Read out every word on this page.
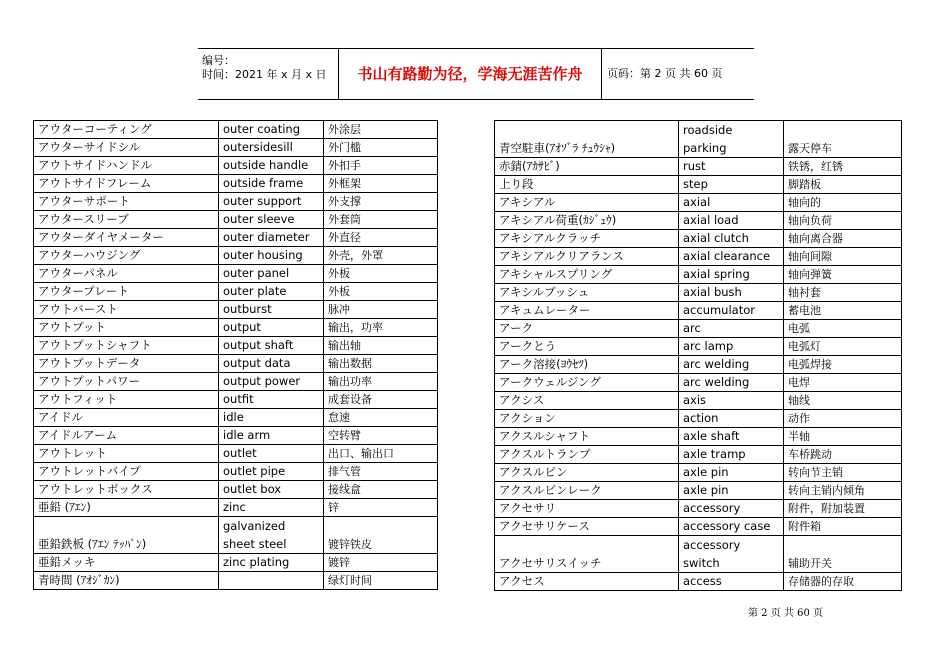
编号：
时间：2021 年 x 月 x 日	书山有路勤为径，学海无涯苦作舟	页码：第 2 页 共 60 页
アウターコーティング	outer coating	外涂层
アウターサイドシル	outersidesill	外门槛
アウトサイドハンドル	outside handle	外扣手
アウトサイドフレーム	outside frame	外框架
アウターサポート	outer support	外支撑
アウタースリーブ	outer sleeve	外套筒
アウターダイヤメーター	outer diameter	外直径
アウターハウジング	outer housing	外壳，外罩
アウターパネル	outer panel	外板
アウタープレート	outer plate	外板
アウトバースト	outburst	脉冲
アウトプット	output	输出，功率
アウトプットシャフト	output shaft	输出轴
アウトプットデータ	output data	输出数据
アウトプットパワー	output power	输出功率
アウトフィット	outfit	成套设备
アイドル	idle	怠速
アイドルアーム	idle arm	空转臂
アウトレット	outlet	出口、输出口
アウトレットパイプ	outlet pipe	排气管
アウトレットボックス	outlet box	接线盒
亜鉛 (ｱｴﾝ)	zinc	锌
亜鉛鉄板 (ｱｴﾝ ﾃｯﾊﾟﾝ)	galvanized sheet steel	镀锌铁皮
亜鉛メッキ	zinc plating	镀锌
青時間 (ｱｵｼﾞｶﾝ)		绿灯时间
青空駐車(ｱｵｿﾞﾗ ﾁｭｳｼｬ)	roadside parking	露天停车
赤錆(ｱｶｻﾋﾞ)	rust	铁锈，红锈
上り段	step	脚踏板
アキシアル	axial	轴向的
アキシアル荷重(ｶｼﾞｭｳ)	axial load	轴向负荷
アキシアルクラッチ	axial clutch	轴向离合器
アキシアルクリアランス	axial clearance	轴向间隙
アキシャルスプリング	axial spring	轴向弹簧
アキシルブッシュ	axial bush	轴衬套
アキュムレーター	accumulator	蓄电池
アーク	arc	电弧
アークとう	arc lamp	电弧灯
アーク溶接(ﾖｳｾﾂ)	arc welding	电弧焊接
アークウェルジング	arc welding	电焊
アクシス	axis	轴线
アクション	action	动作
アクスルシャフト	axle shaft	半轴
アクスルトランプ	axle tramp	车桥跳动
アクスルピン	axle pin	转向节主销
アクスルピンレーク	axle pin	转向主销内倾角
アクセサリ	accessory	附件，附加装置
アクセサリケース	accessory case	附件箱
アクセサリスイッチ	accessory switch	辅助开关
アクセス	access	存储器的存取
第 2 页 共 60 页
